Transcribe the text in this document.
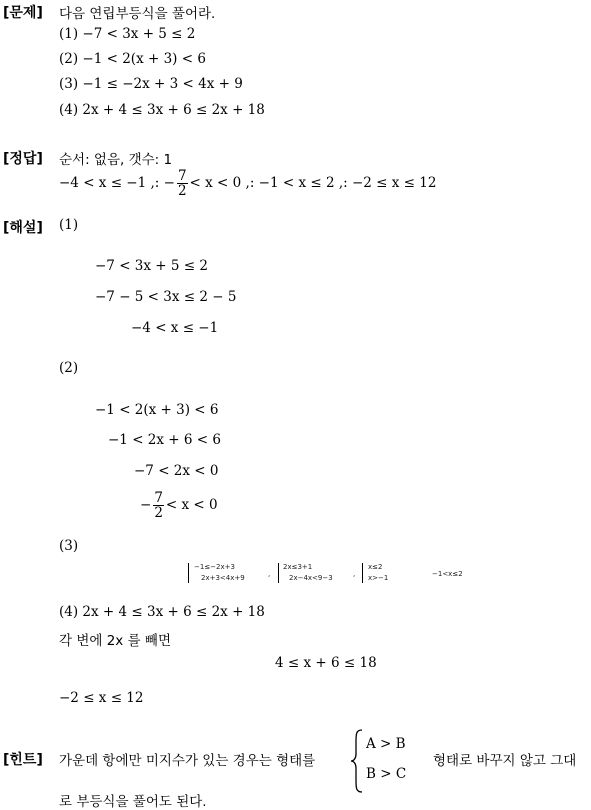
[문제] 다음 연립부등식을 풀어라.
(1) −7 < 3x + 5 ≤ 2
(2) −1 < 2(x + 3) < 6
(3) −1 ≤ −2x + 3 < 4x + 9
(4) 2x + 4 ≤ 3x + 6 ≤ 2x + 18
[정답] 순서: 없음, 갯수: 1
−4 < x ≤ −1 ,: − $\frac{7}{2} < x < 0$ ,: −1 < x ≤ 2 ,: −2 ≤ x ≤ 12
[해설] (1)
−7 < 3x + 5 ≤ 2
−7 − 5 < 3x ≤ 2 − 5
−4 < x ≤ −1
(2)
−1 < 2(x + 3) < 6
−1 < 2x + 6 < 6
−7 < 2x < 0
− $\frac{7}{2} < x < 0$
(3)
−1≤−2x+3
2x+3<4x+9	,
2x≤3+1
2x−4x<9−3	,
x≤2
x>−1	−1<x≤2
(4) 2x + 4 ≤ 3x + 6 ≤ 2x + 18
각 변에 2x 를 빼면
4 ≤ x + 6 ≤ 18
−2 ≤ x ≤ 12
[힌트] 가운데 항에만 미지수가 있는 경우는 형태를
A > B
B > C
형태로 바꾸지 않고 그대
로 부등식을 풀어도 된다.
